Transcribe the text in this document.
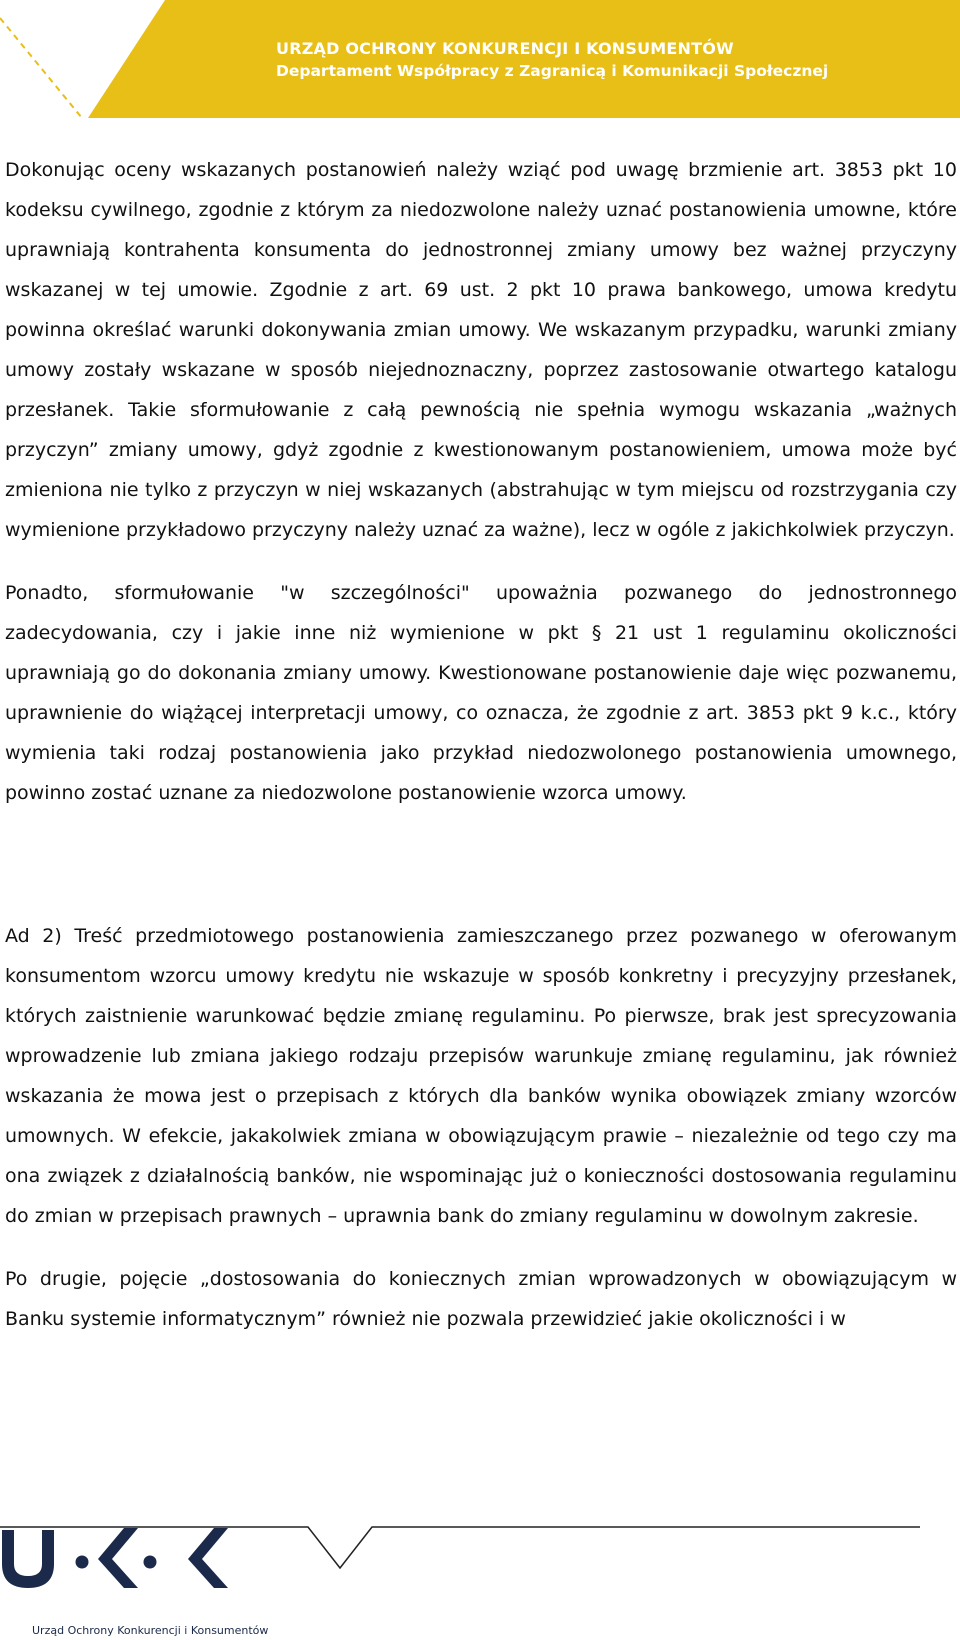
URZĄD OCHRONY KONKURENCJI I KONSUMENTÓW
Departament Współpracy z Zagranicą i Komunikacji Społecznej

Dokonując oceny wskazanych postanowień należy wziąć pod uwagę brzmienie art. 3853 pkt 10 kodeksu cywilnego, zgodnie z którym za niedozwolone należy uznać postanowienia umowne, które uprawniają kontrahenta konsumenta do jednostronnej zmiany umowy bez ważnej przyczyny wskazanej w tej umowie. Zgodnie z art. 69 ust. 2 pkt 10 prawa bankowego, umowa kredytu powinna określać warunki dokonywania zmian umowy. We wskazanym przypadku, warunki zmiany umowy zostały wskazane w sposób niejednoznaczny, poprzez zastosowanie otwartego katalogu przesłanek. Takie sformułowanie z całą pewnością nie spełnia wymogu wskazania „ważnych przyczyn” zmiany umowy, gdyż zgodnie z kwestionowanym postanowieniem, umowa może być zmieniona nie tylko z przyczyn w niej wskazanych (abstrahując w tym miejscu od rozstrzygania czy wymienione przykładowo przyczyny należy uznać za ważne), lecz w ogóle z jakichkolwiek przyczyn.

Ponadto, sformułowanie "w szczególności" upoważnia pozwanego do jednostronnego zadecydowania, czy i jakie inne niż wymienione w pkt § 21 ust 1 regulaminu okoliczności uprawniają go do dokonania zmiany umowy. Kwestionowane postanowienie daje więc pozwanemu, uprawnienie do wiążącej interpretacji umowy, co oznacza, że zgodnie z art. 3853 pkt 9 k.c., który wymienia taki rodzaj postanowienia jako przykład niedozwolonego postanowienia umownego, powinno zostać uznane za niedozwolone postanowienie wzorca umowy.

Ad 2) Treść przedmiotowego postanowienia zamieszczanego przez pozwanego w oferowanym konsumentom wzorcu umowy kredytu nie wskazuje w sposób konkretny i precyzyjny przesłanek, których zaistnienie warunkować będzie zmianę regulaminu. Po pierwsze, brak jest sprecyzowania wprowadzenie lub zmiana jakiego rodzaju przepisów warunkuje zmianę regulaminu, jak również wskazania że mowa jest o przepisach z których dla banków wynika obowiązek zmiany wzorców umownych. W efekcie, jakakolwiek zmiana w obowiązującym prawie – niezależnie od tego czy ma ona związek z działalnością banków, nie wspominając już o konieczności dostosowania regulaminu do zmian w przepisach prawnych – uprawnia bank do zmiany regulaminu w dowolnym zakresie.

Po drugie, pojęcie „dostosowania do koniecznych zmian wprowadzonych w obowiązującym w Banku systemie informatycznym” również nie pozwala przewidzieć jakie okoliczności i w

Urząd Ochrony Konkurencji i Konsumentów
